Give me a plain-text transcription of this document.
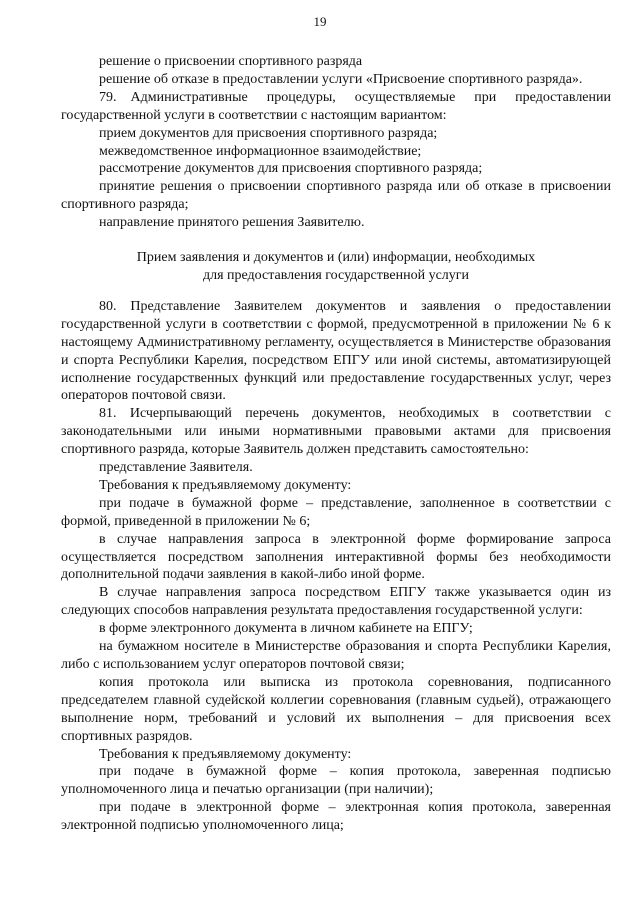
19

решение о присвоении спортивного разряда

решение об отказе в предоставлении услуги «Присвоение спортивного разряда».

79. Административные процедуры, осуществляемые при предоставлении государственной услуги в соответствии с настоящим вариантом:

прием документов для присвоения спортивного разряда;

межведомственное информационное взаимодействие;

рассмотрение документов для присвоения спортивного разряда;

принятие решения о присвоении спортивного разряда или об отказе в присвоении спортивного разряда;

направление принятого решения Заявителю.

Прием заявления и документов и (или) информации, необходимых
для предоставления государственной услуги

80. Представление Заявителем документов и заявления о предоставлении государственной услуги в соответствии с формой, предусмотренной в приложении № 6 к настоящему Административному регламенту, осуществляется в Министерстве образования и спорта Республики Карелия, посредством ЕПГУ или иной системы, автоматизирующей исполнение государственных функций или предоставление государственных услуг, через операторов почтовой связи.

81. Исчерпывающий перечень документов, необходимых в соответствии с законодательными или иными нормативными правовыми актами для присвоения спортивного разряда, которые Заявитель должен представить самостоятельно:

представление Заявителя.

Требования к предъявляемому документу:

при подаче в бумажной форме – представление, заполненное в соответствии с формой, приведенной в приложении № 6;

в случае направления запроса в электронной форме формирование запроса осуществляется посредством заполнения интерактивной формы без необходимости дополнительной подачи заявления в какой-либо иной форме.

В случае направления запроса посредством ЕПГУ также указывается один из следующих способов направления результата предоставления государственной услуги:

в форме электронного документа в личном кабинете на ЕПГУ;

на бумажном носителе в Министерстве образования и спорта Республики Карелия, либо с использованием услуг операторов почтовой связи;

копия протокола или выписка из протокола соревнования, подписанного председателем главной судейской коллегии соревнования (главным судьей), отражающего выполнение норм, требований и условий их выполнения – для присвоения всех спортивных разрядов.

Требования к предъявляемому документу:

при подаче в бумажной форме – копия протокола, заверенная подписью уполномоченного лица и печатью организации (при наличии);

при подаче в электронной форме – электронная копия протокола, заверенная электронной подписью уполномоченного лица;
